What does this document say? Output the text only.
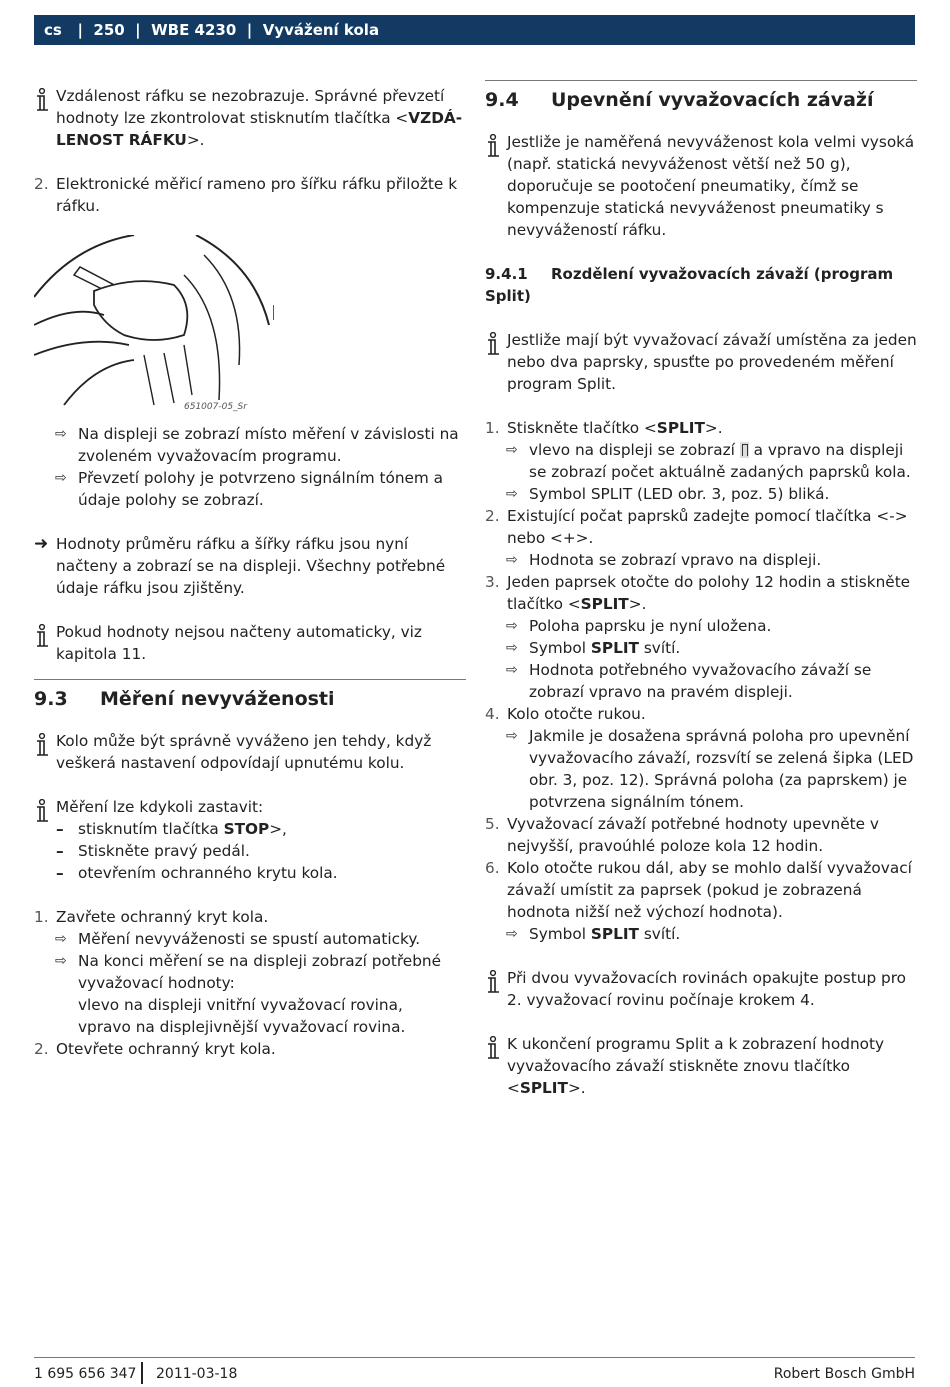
cs | 250 | WBE 4230 | Vyvážení kola

Vzdálenost ráfku se nezobrazuje. Správné převzetí hodnoty lze zkontrolovat stisknutím tlačítka <VZDÁ-LENOST RÁFKU>.

2. Elektronické měřicí rameno pro šířku ráfku přiložte k ráfku.
651007-05_Sr
⇨ Na displeji se zobrazí místo měření v závislosti na zvoleném vyvažovacím programu.
⇨ Převzetí polohy je potvrzeno signálním tónem a údaje polohy se zobrazí.
➜ Hodnoty průměru ráfku a šířky ráfku jsou nyní načteny a zobrazí se na displeji. Všechny potřebné údaje ráfku jsou zjištěny.

Pokud hodnoty nejsou načteny automaticky, viz kapitola 11.

9.3 Měření nevyváženosti

Kolo může být správně vyváženo jen tehdy, když veškerá nastavení odpovídají upnutému kolu.

Měření lze kdykoli zastavit:

– stisknutím tlačítka STOP>,
– Stiskněte pravý pedál.
– otevřením ochranného krytu kola.
1. Zavřete ochranný kryt kola.
⇨ Měření nevyváženosti se spustí automaticky.
⇨ Na konci měření se na displeji zobrazí potřebné vyvažovací hodnoty:
vlevo na displeji vnitřní vyvažovací rovina,
vpravo na displejivnější vyvažovací rovina.
2. Otevřete ochranný kryt kola.
9.4 Upevnění vyvažovacích závaží

Jestliže je naměřená nevyváženost kola velmi vysoká (např. statická nevyváženost větší než 50 g), doporučuje se pootočení pneumatiky, čímž se kompenzuje statická nevyváženost pneumatiky s nevyvážeností ráfku.

9.4.1 Rozdělení vyvažovacích závaží (program Split)

Jestliže mají být vyvažovací závaží umístěna za jeden nebo dva paprsky, spusťte po provedeném měření program Split.

1. Stiskněte tlačítko <SPLIT>.
⇨ vlevo na displeji se zobrazí  a vpravo na displeji se zobrazí počet aktuálně zadaných paprsků kola.
⇨ Symbol SPLIT (LED obr. 3, poz. 5) bliká.
2. Existující počat paprsků zadejte pomocí tlačítka <-> nebo <+>.
⇨ Hodnota se zobrazí vpravo na displeji.
3. Jeden paprsek otočte do polohy 12 hodin a stiskněte tlačítko <SPLIT>.
⇨ Poloha paprsku je nyní uložena.
⇨ Symbol SPLIT svítí.
⇨ Hodnota potřebného vyvažovacího závaží se zobrazí vpravo na pravém displeji.
4. Kolo otočte rukou.
⇨ Jakmile je dosažena správná poloha pro upevnění vyvažovacího závaží, rozsvítí se zelená šipka (LED obr. 3, poz. 12). Správná poloha (za paprskem) je potvrzena signálním tónem.
5. Vyvažovací závaží potřebné hodnoty upevněte v nejvyšší, pravoúhlé poloze kola 12 hodin.
6. Kolo otočte rukou dál, aby se mohlo další vyvažovací závaží umístit za paprsek (pokud je zobrazená hodnota nižší než výchozí hodnota).
⇨ Symbol SPLIT svítí.

Při dvou vyvažovacích rovinách opakujte postup pro 2. vyvažovací rovinu počínaje krokem 4.

K ukončení programu Split a k zobrazení hodnoty vyvažovacího závaží stiskněte znovu tlačítko <SPLIT>.

1 695 656 347 2011-03-18	Robert Bosch GmbH
